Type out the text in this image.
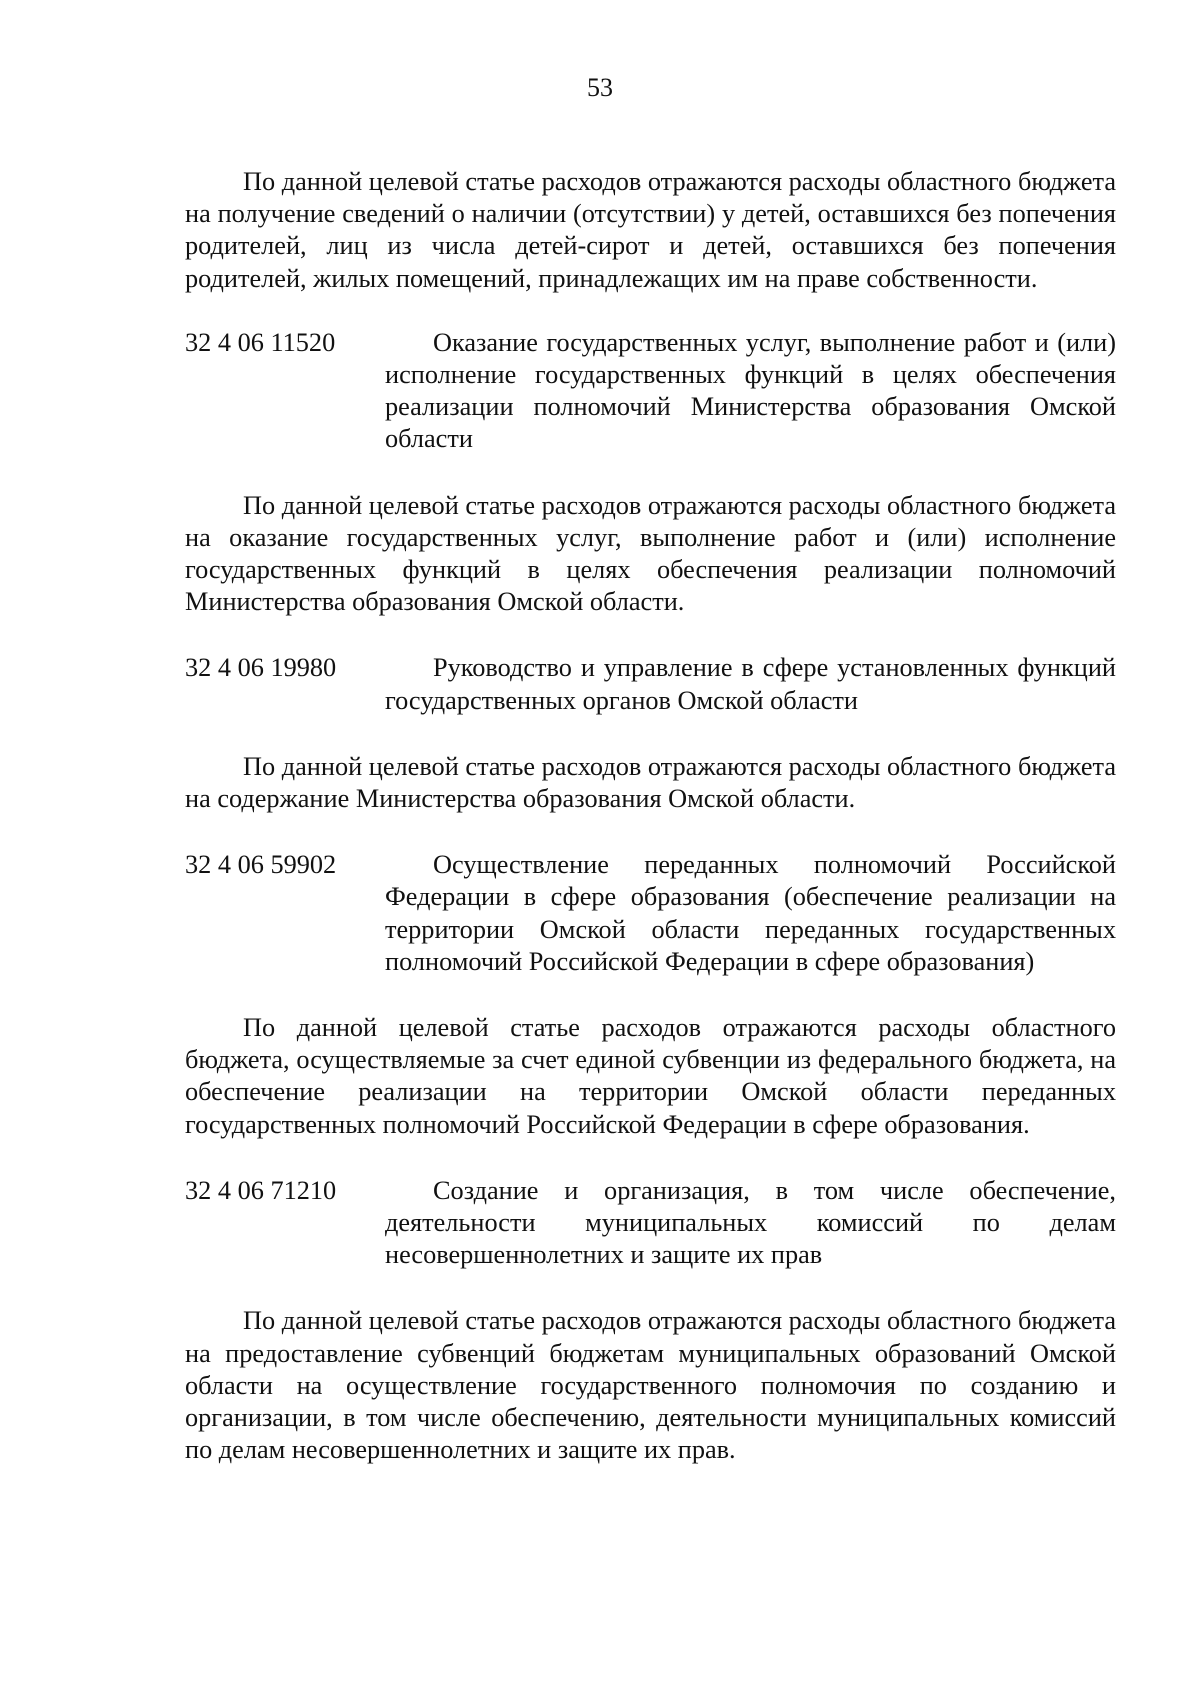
53

По данной целевой статье расходов отражаются расходы областного бюджета на получение сведений о наличии (отсутствии) у детей, оставшихся без попечения родителей, лиц из числа детей-сирот и детей, оставшихся без попечения родителей, жилых помещений, принадлежащих им на праве собственности.

32 4 06 11520	Оказание государственных услуг, выполнение работ и (или) исполнение государственных функций в целях обеспечения реализации полномочий Министерства образования Омской области

По данной целевой статье расходов отражаются расходы областного бюджета на оказание государственных услуг, выполнение работ и (или) исполнение государственных функций в целях обеспечения реализации полномочий Министерства образования Омской области.

32 4 06 19980	Руководство и управление в сфере установленных функций государственных органов Омской области

По данной целевой статье расходов отражаются расходы областного бюджета на содержание Министерства образования Омской области.

32 4 06 59902	Осуществление переданных полномочий Российской Федерации в сфере образования (обеспечение реализации на территории Омской области переданных государственных полномочий Российской Федерации в сфере образования)

По данной целевой статье расходов отражаются расходы областного бюджета, осуществляемые за счет единой субвенции из федерального бюджета, на обеспечение реализации на территории Омской области переданных государственных полномочий Российской Федерации в сфере образования.

32 4 06 71210	Создание и организация, в том числе обеспечение, деятельности муниципальных комиссий по делам несовершеннолетних и защите их прав

По данной целевой статье расходов отражаются расходы областного бюджета на предоставление субвенций бюджетам муниципальных образований Омской области на осуществление государственного полномочия по созданию и организации, в том числе обеспечению, деятельности муниципальных комиссий по делам несовершеннолетних и защите их прав.
